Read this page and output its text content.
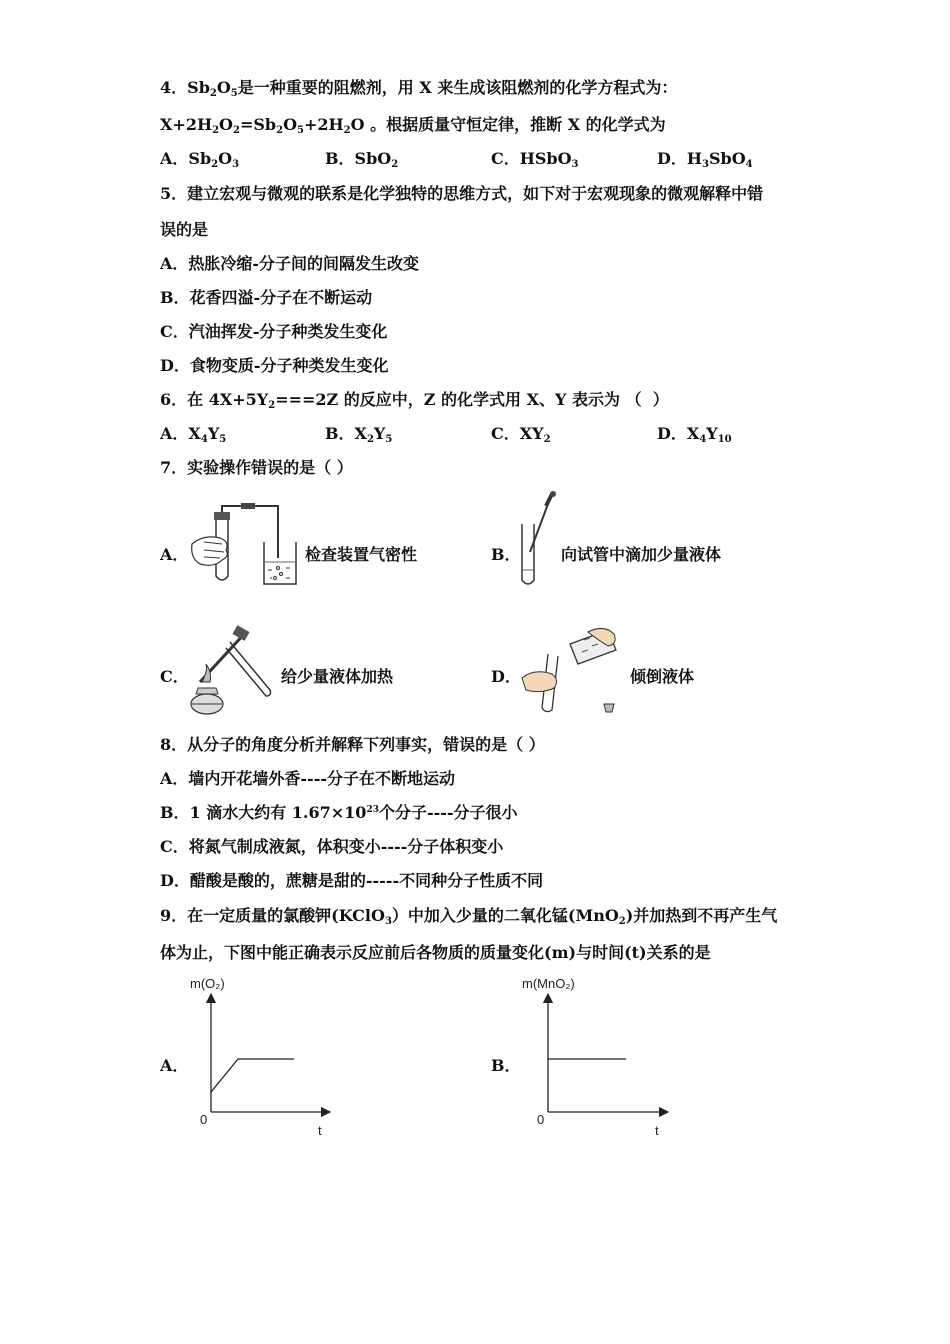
4．$Sb_2O_5$是一种重要的阻燃剂，用 X 来生成该阻燃剂的化学方程式为：
$X+2H_2O_2=Sb_2O_5+2H_2O$ 。根据质量守恒定律，推断 X 的化学式为
A．$Sb_2O_3$	B．SbO$_2$	C．HSbO$_3$	D．$H_3SbO_4$
5．建立宏观与微观的联系是化学独特的思维方式，如下对于宏观现象的微观解释中错
误的是
A．热胀冷缩-分子间的间隔发生改变
B．花香四溢-分子在不断运动
C．汽油挥发-分子种类发生变化
D．食物变质-分子种类发生变化
6．在 $4X+5Y_2===2Z$ 的反应中，Z 的化学式用 X、Y 表示为 （  ）
A．$X_4Y_5$	B．$X_2Y_5$	C．$XY_2$	D．$X_4Y_{10}$
7．实验操作错误的是（ ）
A．	检查装置气密性	B．	向试管中滴加少量液体
C．	给少量液体加热	D．	倾倒液体
8．从分子的角度分析并解释下列事实，错误的是（ ）
A．墙内开花墙外香----分子在不断地运动
B．1 滴水大约有 $1.67\times 10^{23}$个分子----分子很小
C．将氮气制成液氮，体积变小----分子体积变小
D．醋酸是酸的，蔗糖是甜的-----不同种分子性质不同
9．在一定质量的氯酸钾(KClO$_3$）中加入少量的二氧化锰(MnO$_2$)并加热到不再产生气
体为止，下图中能正确表示反应前后各物质的质量变化(m)与时间(t)关系的是
A．
m(O₂)
0
t
B．
m(MnO₂)
0
t
